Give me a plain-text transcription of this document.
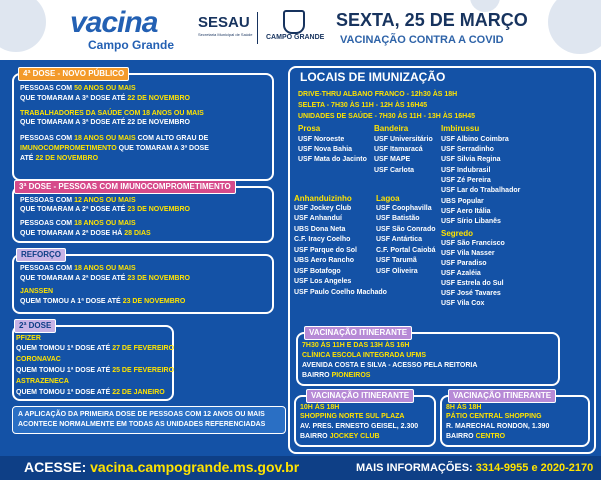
vacina
Campo Grande
SESAU
Secretaria Municipal de Saúde	CAMPO GRANDE
SEXTA, 25 DE MARÇO
VACINAÇÃO CONTRA A COVID
4ª DOSE - NOVO PÚBLICO
PESSOAS COM 50 ANOS OU MAIS
QUE TOMARAM A 3ª DOSE ATÉ 22 DE NOVEMBRO
TRABALHADORES DA SAÚDE COM 18 ANOS OU MAIS
QUE TOMARAM A 3ª DOSE ATÉ 22 DE NOVEMBRO
PESSOAS COM 18 ANOS OU MAIS COM ALTO GRAU DE
IMUNOCOMPROMETIMENTO QUE TOMARAM A 3ª DOSE
ATÉ 22 DE NOVEMBRO
3ª DOSE - PESSOAS COM IMUNOCOMPROMETIMENTO
PESSOAS COM 12 ANOS OU MAIS
QUE TOMARAM A 2ª DOSE ATÉ 23 DE NOVEMBRO
PESSOAS COM 18 ANOS OU MAIS
QUE TOMARAM A 2ª DOSE HÁ 28 DIAS
REFORÇO
PESSOAS COM 18 ANOS OU MAIS
QUE TOMARAM A 2ª DOSE ATÉ 23 DE NOVEMBRO
JANSSEN
QUEM TOMOU A 1ª DOSE ATÉ 23 DE NOVEMBRO
2ª DOSE
PFIZER
QUEM TOMOU 1ª DOSE ATÉ 27 DE FEVEREIRO
CORONAVAC
QUEM TOMOU 1ª DOSE ATÉ 25 DE FEVEREIRO
ASTRAZENECA
QUEM TOMOU 1ª DOSE ATÉ 22 DE JANEIRO
A APLICAÇÃO DA PRIMEIRA DOSE DE PESSOAS COM 12 ANOS OU MAIS
ACONTECE NORMALMENTE EM TODAS AS UNIDADES REFERENCIADAS
LOCAIS DE IMUNIZAÇÃO
DRIVE-THRU ALBANO FRANCO - 12h30 ÀS 18H
SELETA - 7H30 ÀS 11H - 12H ÀS 16H45
UNIDADES DE SAÚDE - 7H30 ÀS 11H - 13H ÀS 16H45
Prosa
USF Noroeste
USF Nova Bahia
USF Mata do Jacinto
Bandeira
USF Universitário
USF Itamaracá
USF MAPE
USF Carlota
Imbirussu
USF Albino Coimbra
USF Serradinho
USF Silvia Regina
USF Indubrasil
USF Zé Pereira
USF Lar do Trabalhador
UBS Popular
USF Aero Itália
USF Sírio Libanês
Anhanduizinho
USF Jockey Club
USF Anhanduí
UBS Dona Neta
C.F. Iracy Coelho
USF Parque do Sol
UBS Aero Rancho
USF Botafogo
USF Los Angeles
USF Paulo Coelho Machado
Lagoa
USF Coophavilla
USF Batistão
USF São Conrado
USF Antártica
C.F. Portal Caiobá
USF Tarumã
USF Oliveira
Segredo
USF São Francisco
USF Vila Nasser
USF Paradiso
USF Azaléia
USF Estrela do Sul
USF José Tavares
USF Vila Cox
VACINAÇÃO ITINERANTE
7H30 ÀS 11H E DAS 13H ÀS 16H
CLÍNICA ESCOLA INTEGRADA UFMS
AVENIDA COSTA E SILVA - ACESSO PELA REITORIA
BAIRRO PIONEIROS
VACINAÇÃO ITINERANTE
10H ÀS 18H
SHOPPING NORTE SUL PLAZA
AV. PRES. ERNESTO GEISEL, 2.300
BAIRRO JOCKEY CLUB
VACINAÇÃO ITINERANTE
8H ÀS 18H
PÁTIO CENTRAL SHOPPING
R. MARECHAL RONDON, 1.390
BAIRRO CENTRO
ACESSE: vacina.campogrande.ms.gov.br	MAIS INFORMAÇÕES: 3314-9955 e 2020-2170
